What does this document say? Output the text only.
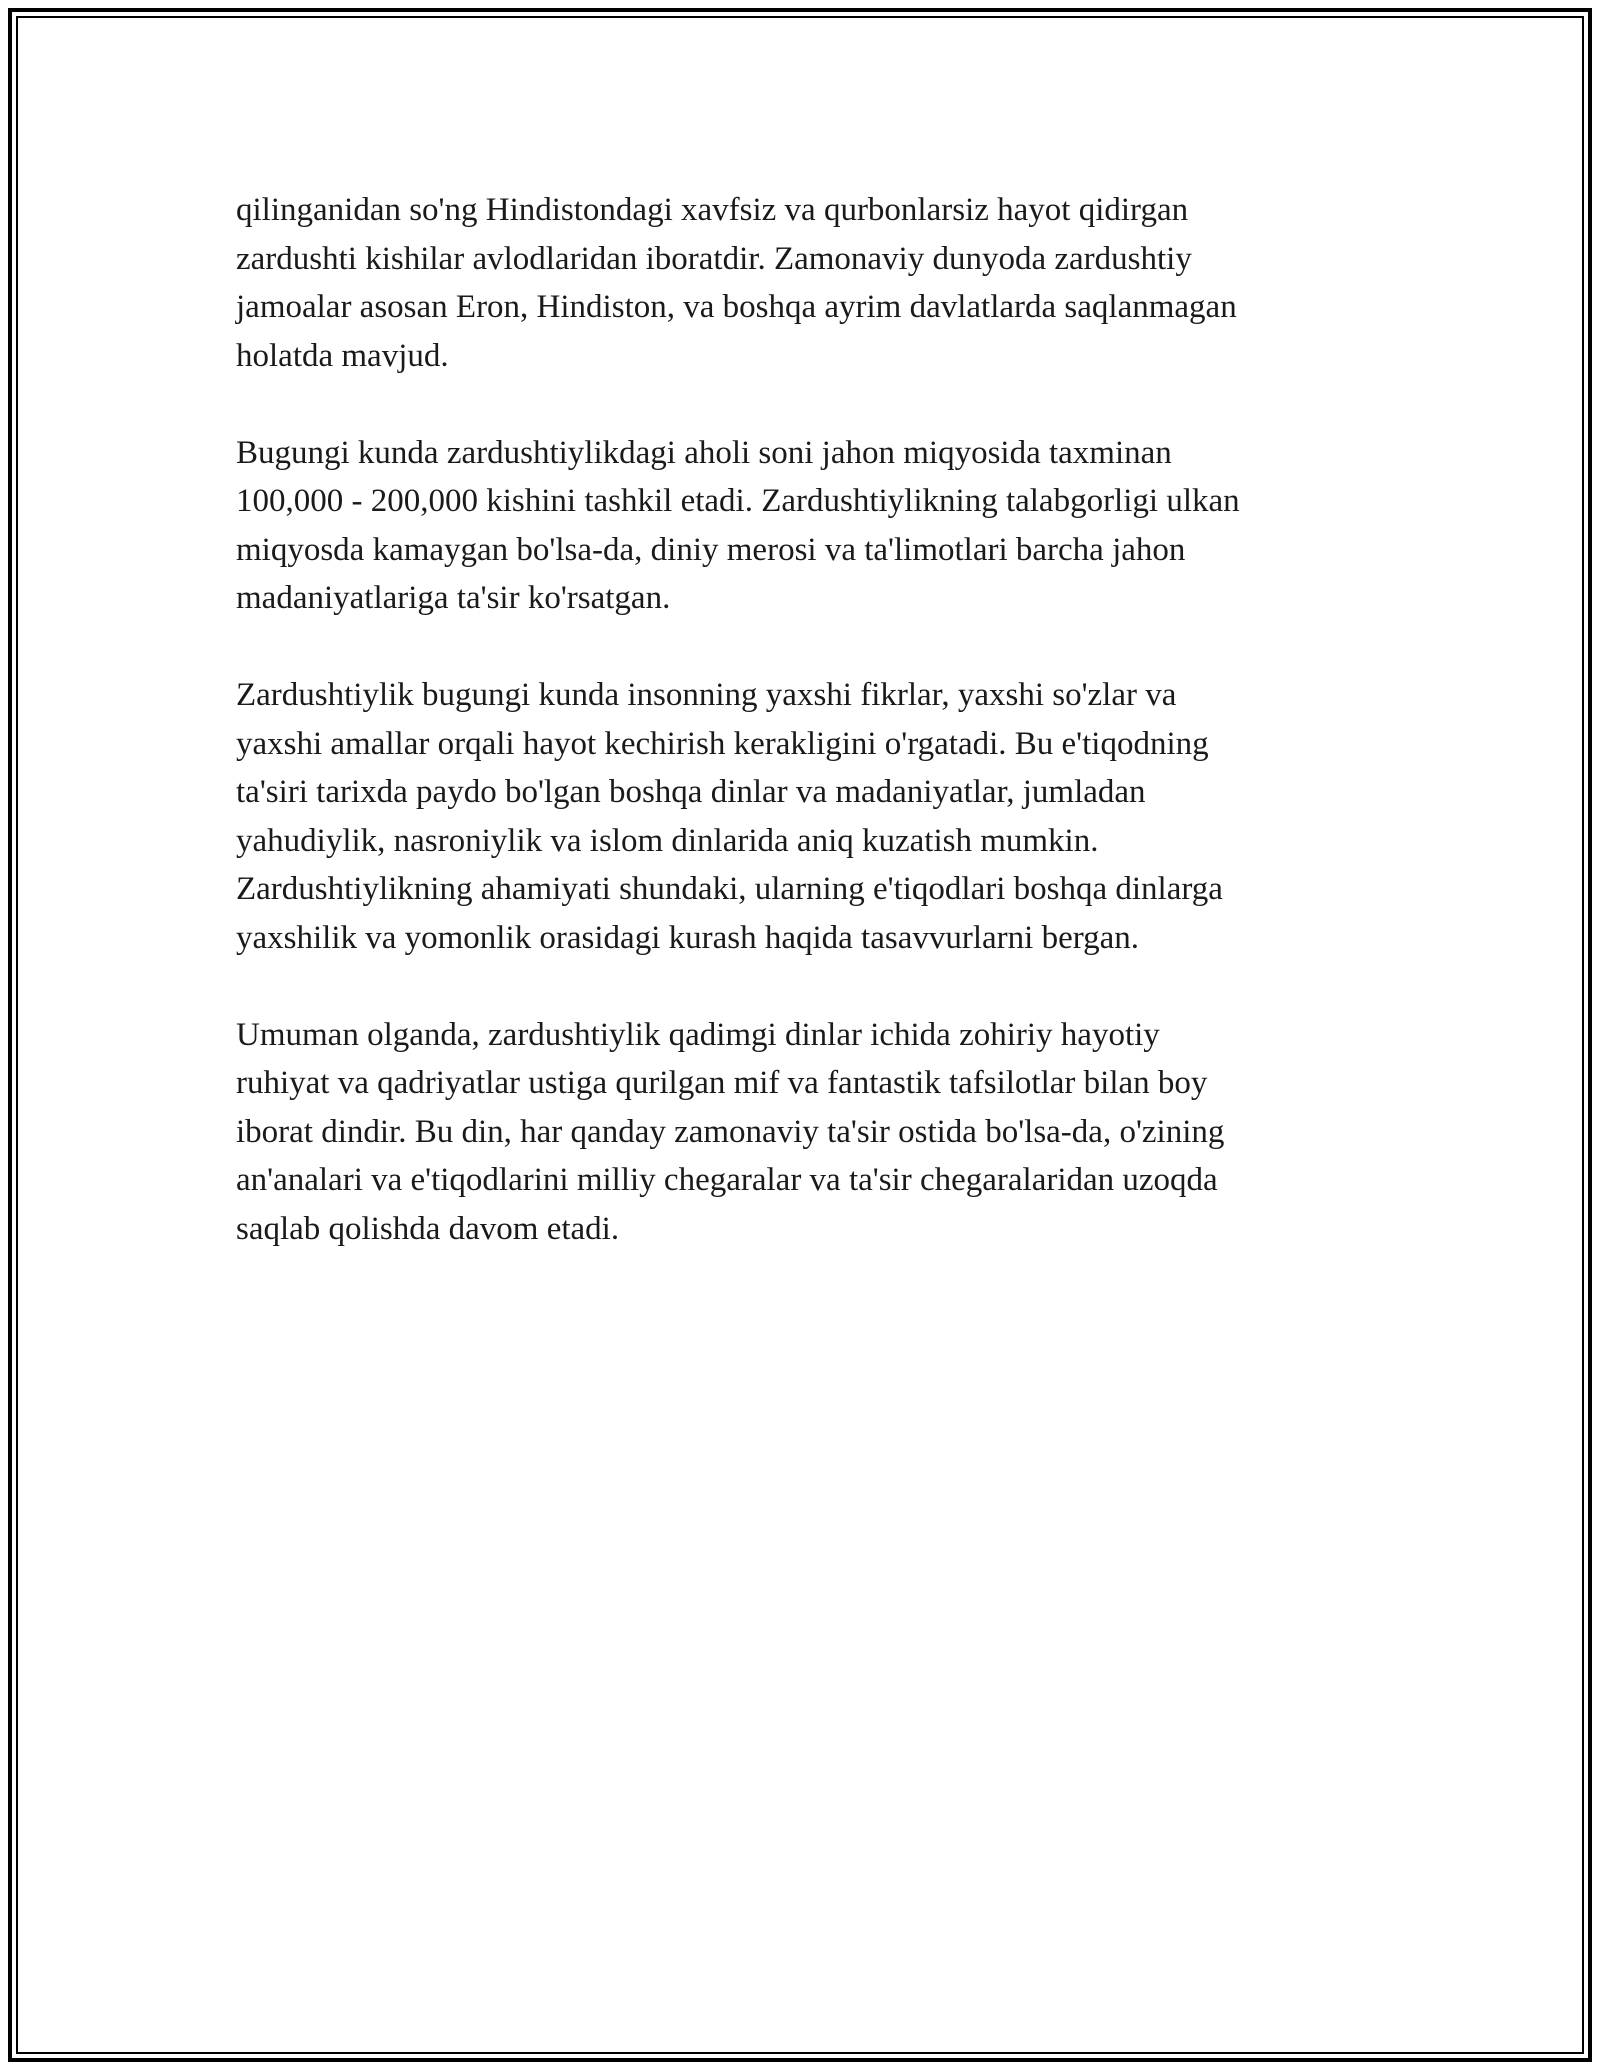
qilinganidan so'ng Hindistondagi xavfsiz va qurbonlarsiz hayot qidirgan
zardushti kishilar avlodlaridan iboratdir. Zamonaviy dunyoda zardushtiy
jamoalar asosan Eron, Hindiston, va boshqa ayrim davlatlarda saqlanmagan
holatda mavjud.

Bugungi kunda zardushtiylikdagi aholi soni jahon miqyosida taxminan
100,000 - 200,000 kishini tashkil etadi. Zardushtiylikning talabgorligi ulkan
miqyosda kamaygan bo'lsa-da, diniy merosi va ta'limotlari barcha jahon
madaniyatlariga ta'sir ko'rsatgan.

Zardushtiylik bugungi kunda insonning yaxshi fikrlar, yaxshi so'zlar va
yaxshi amallar orqali hayot kechirish kerakligini o'rgatadi. Bu e'tiqodning
ta'siri tarixda paydo bo'lgan boshqa dinlar va madaniyatlar, jumladan
yahudiylik, nasroniylik va islom dinlarida aniq kuzatish mumkin.
Zardushtiylikning ahamiyati shundaki, ularning e'tiqodlari boshqa dinlarga
yaxshilik va yomonlik orasidagi kurash haqida tasavvurlarni bergan.

Umuman olganda, zardushtiylik qadimgi dinlar ichida zohiriy hayotiy
ruhiyat va qadriyatlar ustiga qurilgan mif va fantastik tafsilotlar bilan boy
iborat dindir. Bu din, har qanday zamonaviy ta'sir ostida bo'lsa-da, o'zining
an'analari va e'tiqodlarini milliy chegaralar va ta'sir chegaralaridan uzoqda
saqlab qolishda davom etadi.
